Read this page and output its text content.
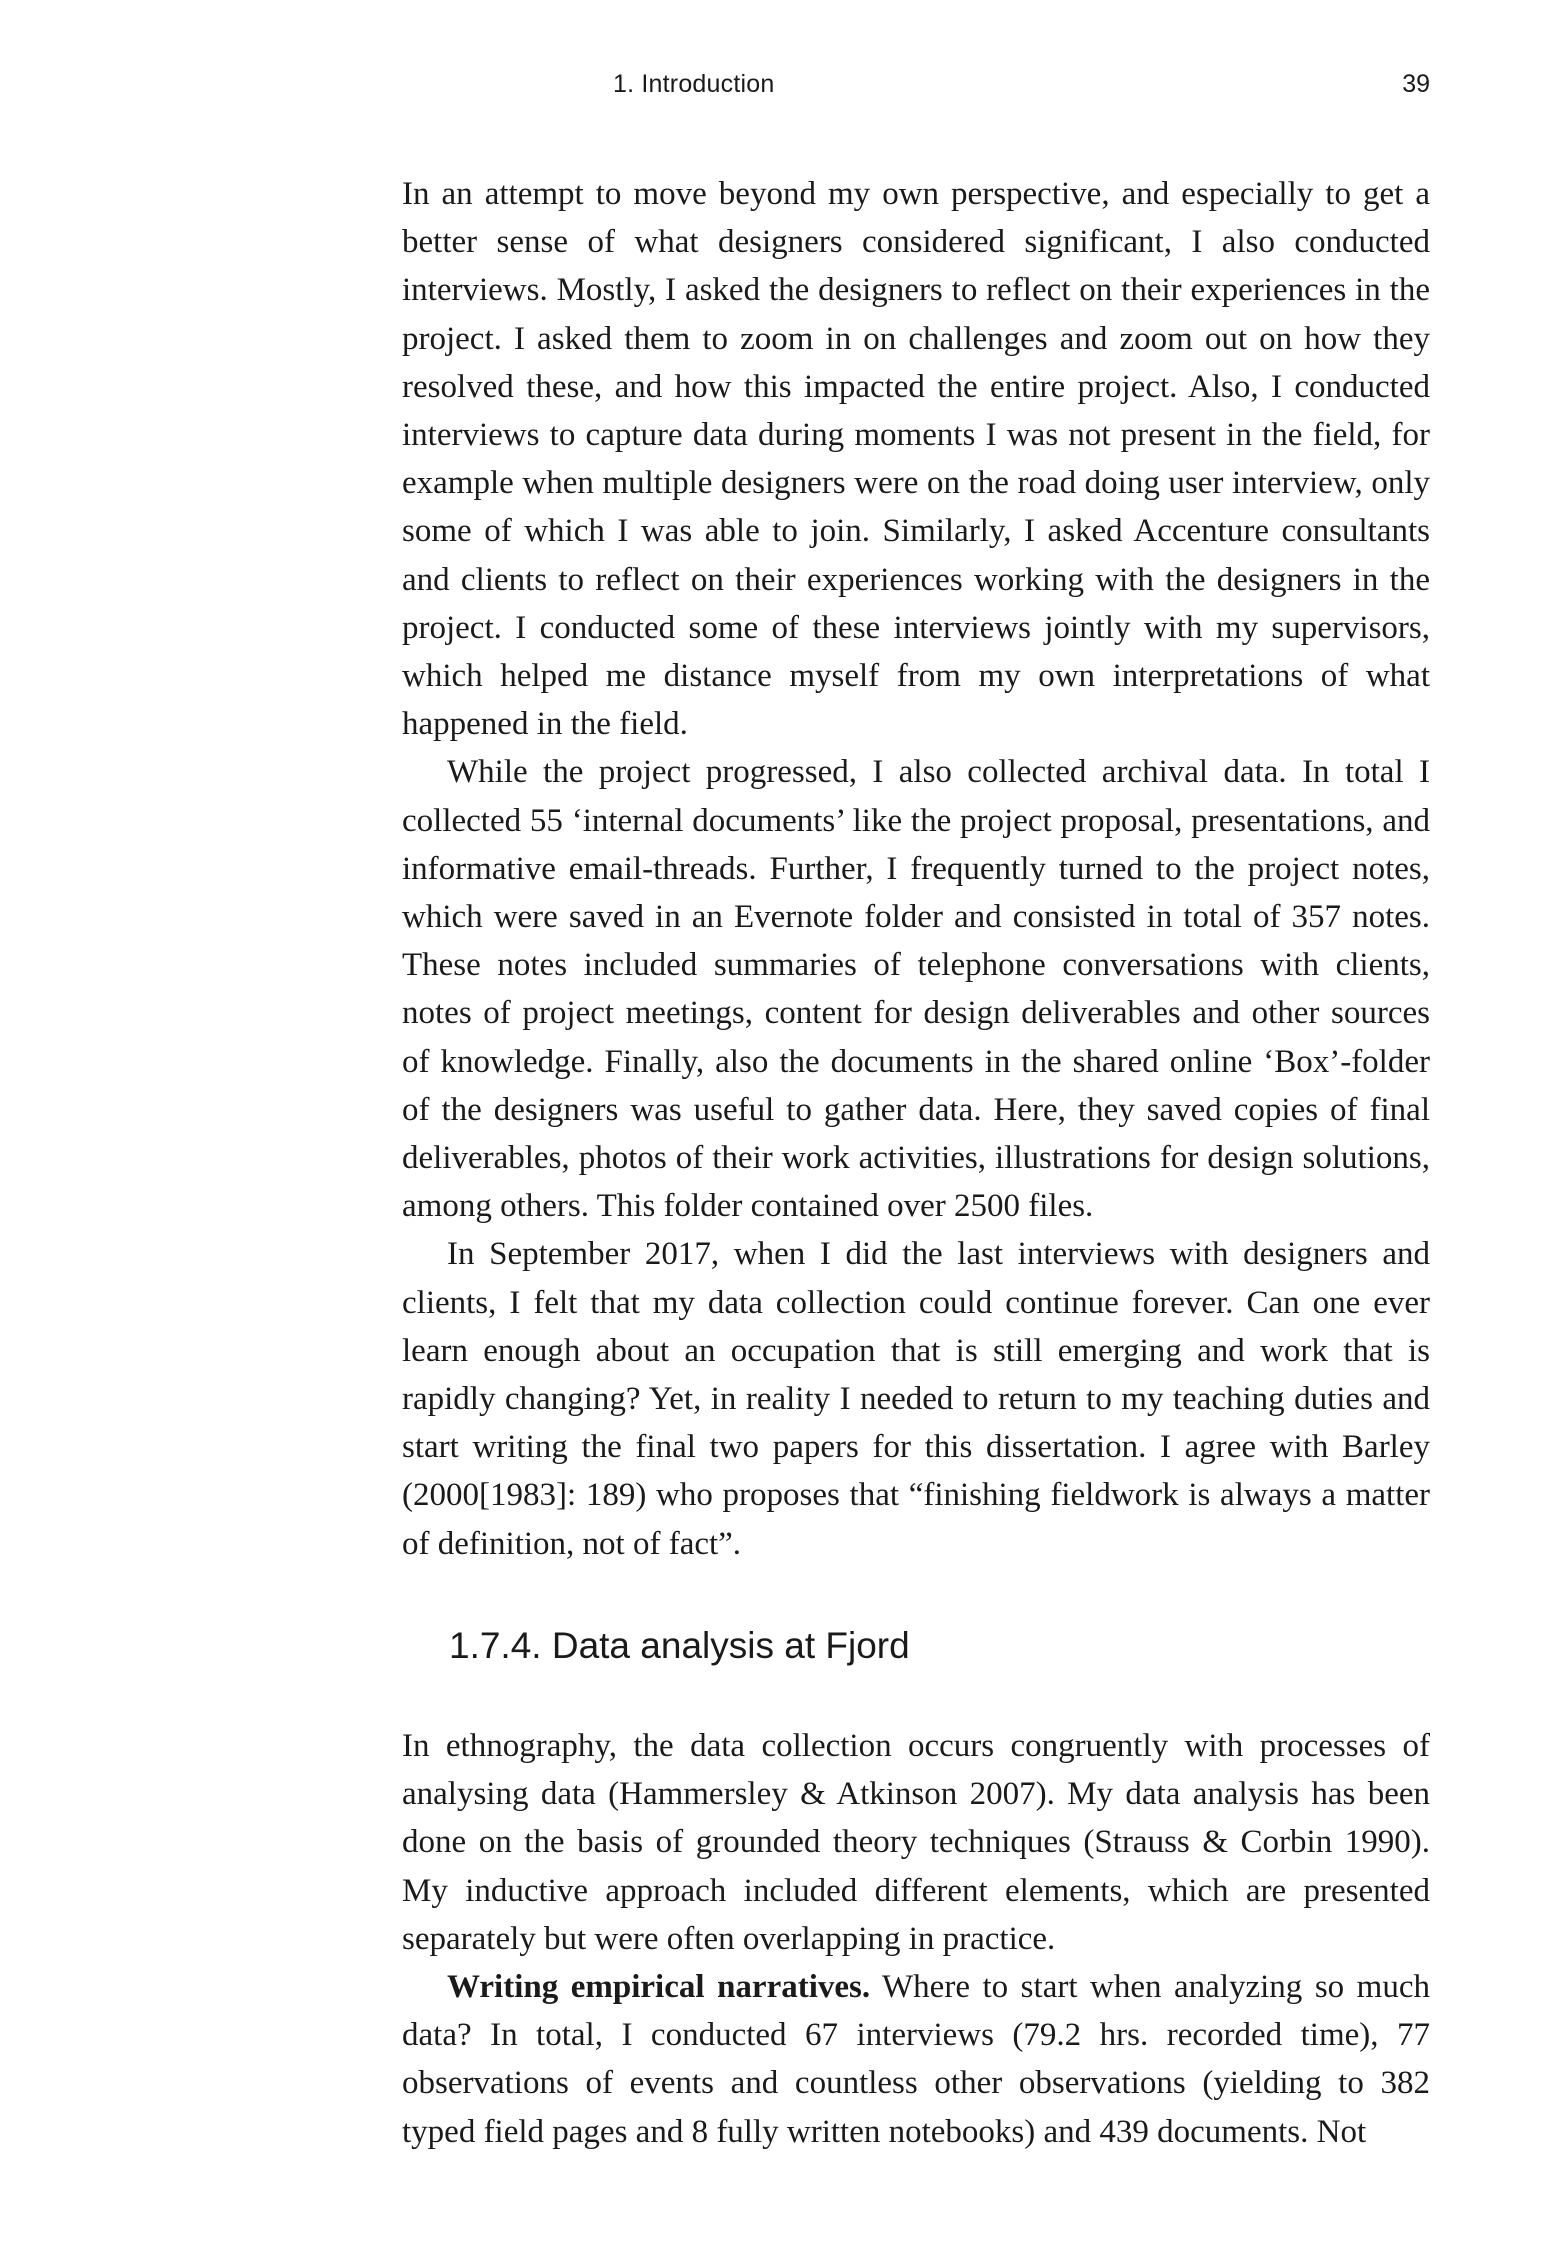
1. Introduction	39

In an attempt to move beyond my own perspective, and especially to get a better sense of what designers considered significant, I also conducted interviews. Mostly, I asked the designers to reflect on their experiences in the project. I asked them to zoom in on challenges and zoom out on how they resolved these, and how this impacted the entire project. Also, I conducted interviews to capture data during moments I was not present in the field, for example when multiple designers were on the road doing user interview, only some of which I was able to join. Similarly, I asked Accenture consultants and clients to reflect on their experiences working with the designers in the project. I conducted some of these interviews jointly with my supervisors, which helped me distance myself from my own interpretations of what happened in the field.

While the project progressed, I also collected archival data. In total I collected 55 ‘internal documents’ like the project proposal, presentations, and informative email-threads. Further, I frequently turned to the project notes, which were saved in an Evernote folder and consisted in total of 357 notes. These notes included summaries of telephone conversations with clients, notes of project meetings, content for design deliverables and other sources of knowledge. Finally, also the documents in the shared online ‘Box’-folder of the designers was useful to gather data. Here, they saved copies of final deliverables, photos of their work activities, illustrations for design solutions, among others. This folder contained over 2500 files.

In September 2017, when I did the last interviews with designers and clients, I felt that my data collection could continue forever. Can one ever learn enough about an occupation that is still emerging and work that is rapidly changing? Yet, in reality I needed to return to my teaching duties and start writing the final two papers for this dissertation. I agree with Barley (2000[1983]: 189) who proposes that “finishing fieldwork is always a matter of definition, not of fact”.

1.7.4. Data analysis at Fjord

In ethnography, the data collection occurs congruently with processes of analysing data (Hammersley & Atkinson 2007). My data analysis has been done on the basis of grounded theory techniques (Strauss & Corbin 1990). My inductive approach included different elements, which are presented separately but were often overlapping in practice.

Writing empirical narratives. Where to start when analyzing so much data? In total, I conducted 67 interviews (79.2 hrs. recorded time), 77 observations of events and countless other observations (yielding to 382 typed field pages and 8 fully written notebooks) and 439 documents. Not
